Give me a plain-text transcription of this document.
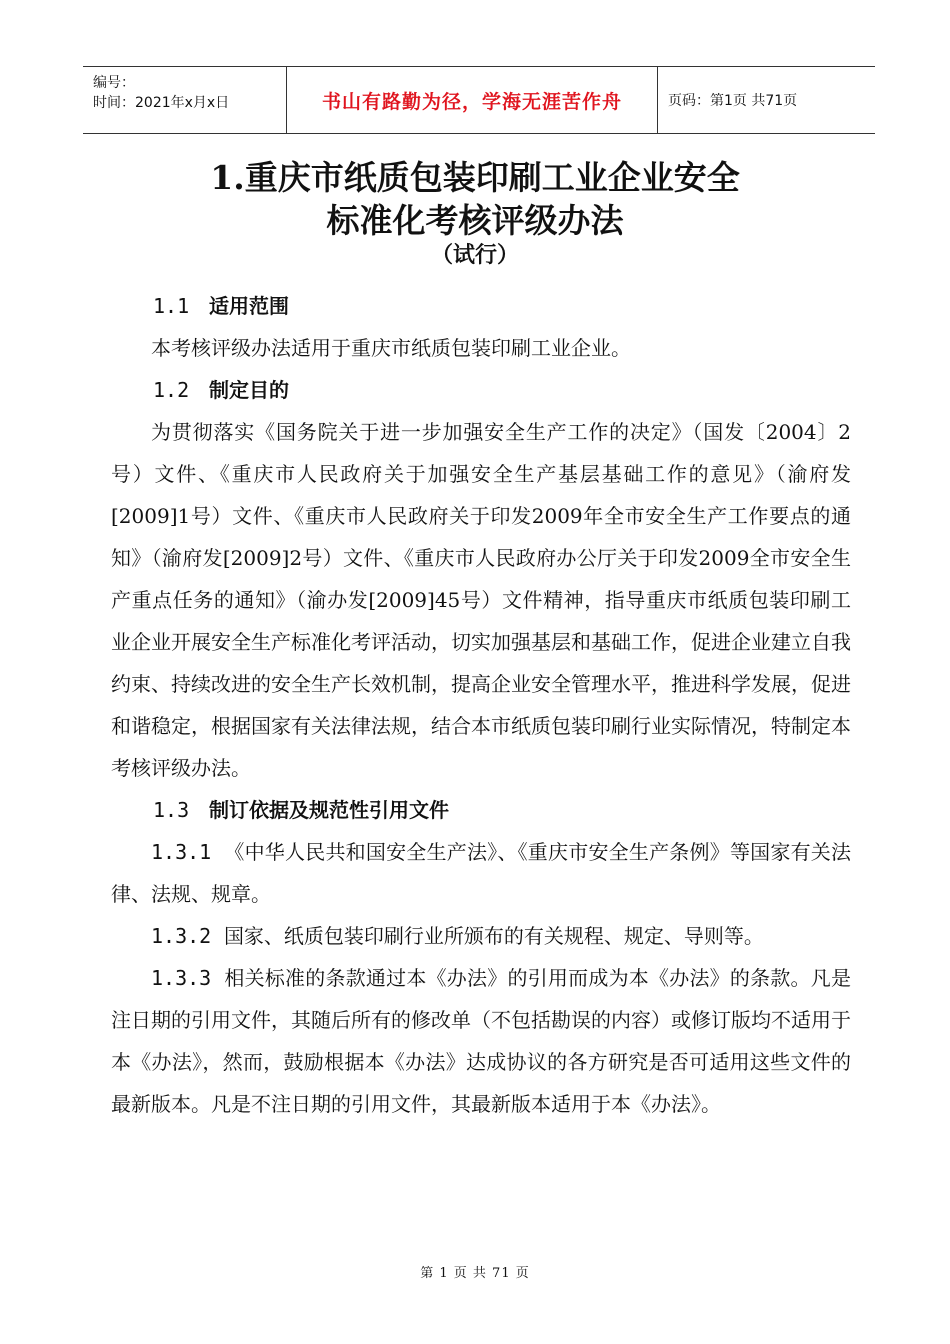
编号：
时间：2021年x月x日	书山有路勤为径，学海无涯苦作舟	页码：第1页 共71页
1.重庆市纸质包装印刷工业企业安全
标准化考核评级办法
（试行）

1.1 适用范围

本考核评级办法适用于重庆市纸质包装印刷工业企业。

1.2 制定目的

为贯彻落实《国务院关于进一步加强安全生产工作的决定》（国发〔2004〕2号）文件、《重庆市人民政府关于加强安全生产基层基础工作的意见》（渝府发[2009]1号）文件、《重庆市人民政府关于印发2009年全市安全生产工作要点的通知》（渝府发[2009]2号）文件、《重庆市人民政府办公厅关于印发2009全市安全生产重点任务的通知》（渝办发[2009]45号）文件精神，指导重庆市纸质包装印刷工业企业开展安全生产标准化考评活动，切实加强基层和基础工作，促进企业建立自我约束、持续改进的安全生产长效机制，提高企业安全管理水平，推进科学发展，促进和谐稳定，根据国家有关法律法规，结合本市纸质包装印刷行业实际情况，特制定本考核评级办法。

1.3 制订依据及规范性引用文件

1.3.1 《中华人民共和国安全生产法》、《重庆市安全生产条例》等国家有关法律、法规、规章。

1.3.2 国家、纸质包装印刷行业所颁布的有关规程、规定、导则等。

1.3.3 相关标准的条款通过本《办法》的引用而成为本《办法》的条款。凡是注日期的引用文件，其随后所有的修改单（不包括勘误的内容）或修订版均不适用于本《办法》，然而，鼓励根据本《办法》达成协议的各方研究是否可适用这些文件的最新版本。凡是不注日期的引用文件，其最新版本适用于本《办法》。

第 1 页 共 71 页
